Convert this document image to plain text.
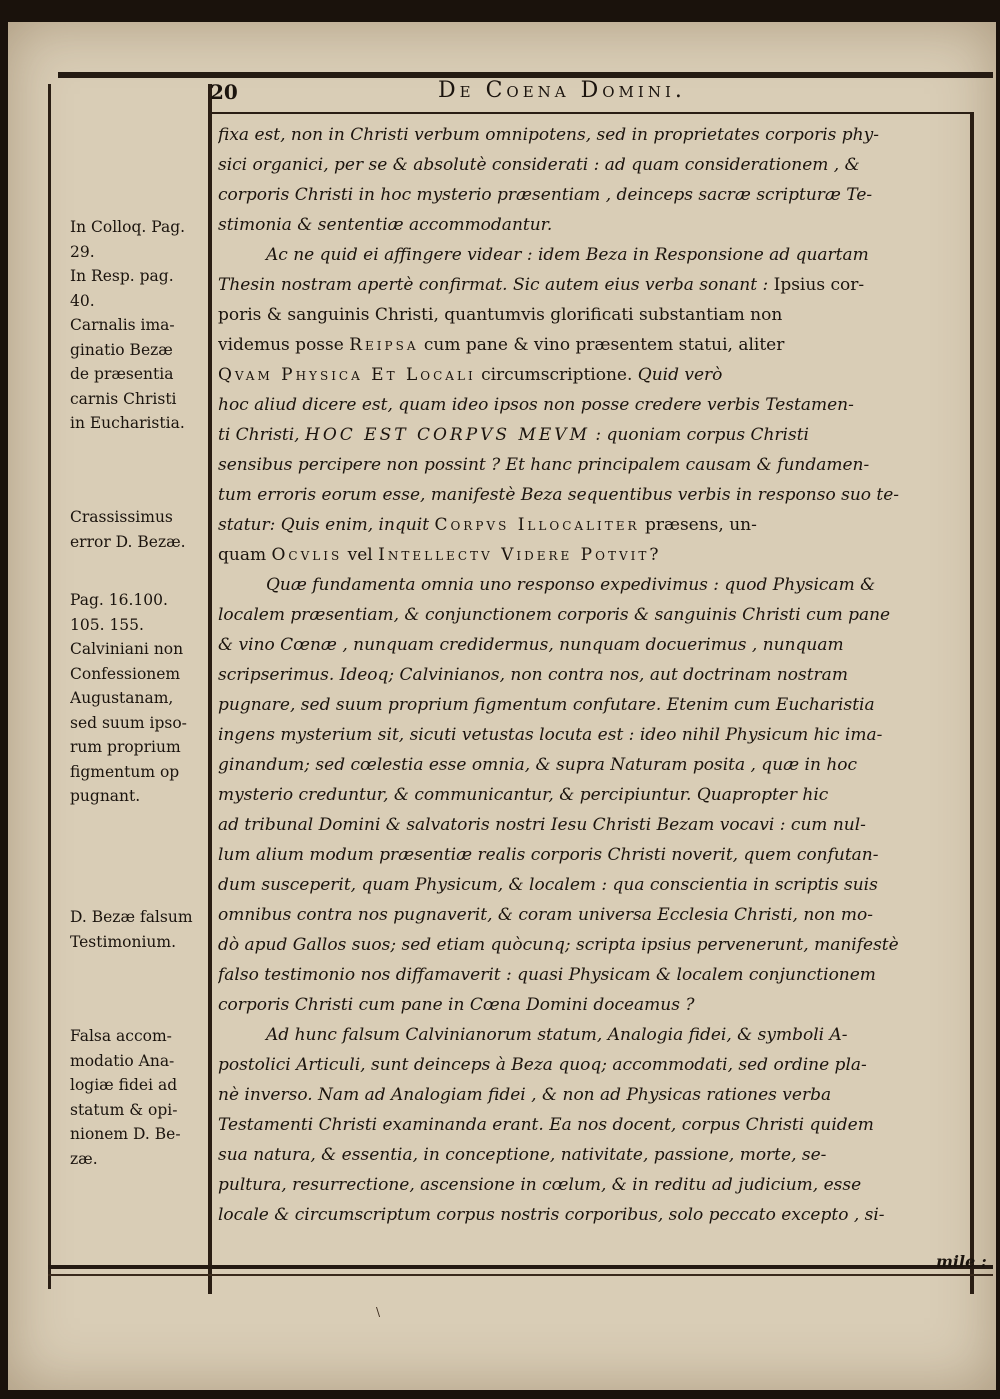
20	De Coena Domini.
In Colloq. Pag.
29.
In Resp. pag.
40.
Carnalis ima-
ginatio Bezæ
de præsentia
carnis Christi
in Eucharistia.
Crassissimus
error D. Bezæ.
Pag. 16.100.
105. 155.
Calviniani non
Confessionem
Augustanam,
sed suum ipso-
rum proprium
figmentum op
pugnant.
D. Bezæ falsum
Testimonium.
Falsa accom-
modatio Ana-
logiæ fidei ad
statum & opi-
nionem D. Be-
zæ.
fixa est, non in Christi verbum omnipotens, sed in proprietates corporis phy-
sici organici, per se & absolutè considerati : ad quam considerationem , &
corporis Christi in hoc mysterio præsentiam , deinceps sacræ scripturæ Te-
stimonia & sententiæ accommodantur.
Ac ne quid ei affingere videar : idem Beza in Responsione ad quartam
Thesin nostram apertè confirmat. Sic autem eius verba sonant : Ipsius cor-
poris & sanguinis Christi, quantumvis glorificati substantiam non
videmus posse Reipsa cum pane & vino præsentem statui, aliter
Qvam Physica Et Locali circumscriptione. Quid verò
hoc aliud dicere est, quam ideo ipsos non posse credere verbis Testamen-
ti Christi, HOC EST CORPVS MEVM : quoniam corpus Christi
sensibus percipere non possint ? Et hanc principalem causam & fundamen-
tum erroris eorum esse, manifestè Beza sequentibus verbis in responso suo te-
statur: Quis enim, inquit Corpvs Illocaliter præsens, un-
quam Ocvlis vel Intellectv Videre Potvit?
Quæ fundamenta omnia uno responso expedivimus : quod Physicam &
localem præsentiam, & conjunctionem corporis & sanguinis Christi cum pane
& vino Cœnæ , nunquam credidermus, nunquam docuerimus , nunquam
scripserimus. Ideoq; Calvinianos, non contra nos, aut doctrinam nostram
pugnare, sed suum proprium figmentum confutare. Etenim cum Eucharistia
ingens mysterium sit, sicuti vetustas locuta est : ideo nihil Physicum hic ima-
ginandum; sed cœlestia esse omnia, & supra Naturam posita , quæ in hoc
mysterio creduntur, & communicantur, & percipiuntur. Quapropter hic
ad tribunal Domini & salvatoris nostri Iesu Christi Bezam vocavi : cum nul-
lum alium modum præsentiæ realis corporis Christi noverit, quem confutan-
dum susceperit, quam Physicum, & localem : qua conscientia in scriptis suis
omnibus contra nos pugnaverit, & coram universa Ecclesia Christi, non mo-
dò apud Gallos suos; sed etiam quòcunq; scripta ipsius pervenerunt, manifestè
falso testimonio nos diffamaverit : quasi Physicam & localem conjunctionem
corporis Christi cum pane in Cœna Domini doceamus ?
Ad hunc falsum Calvinianorum statum, Analogia fidei, & symboli A-
postolici Articuli, sunt deinceps à Beza quoq; accommodati, sed ordine pla-
nè inverso. Nam ad Analogiam fidei , & non ad Physicas rationes verba
Testamenti Christi examinanda erant. Ea nos docent, corpus Christi quidem
sua natura, & essentia, in conceptione, nativitate, passione, morte, se-
pultura, resurrectione, ascensione in cœlum, & in reditu ad judicium, esse
locale & circumscriptum corpus nostris corporibus, solo peccato excepto , si-
mile :
\
